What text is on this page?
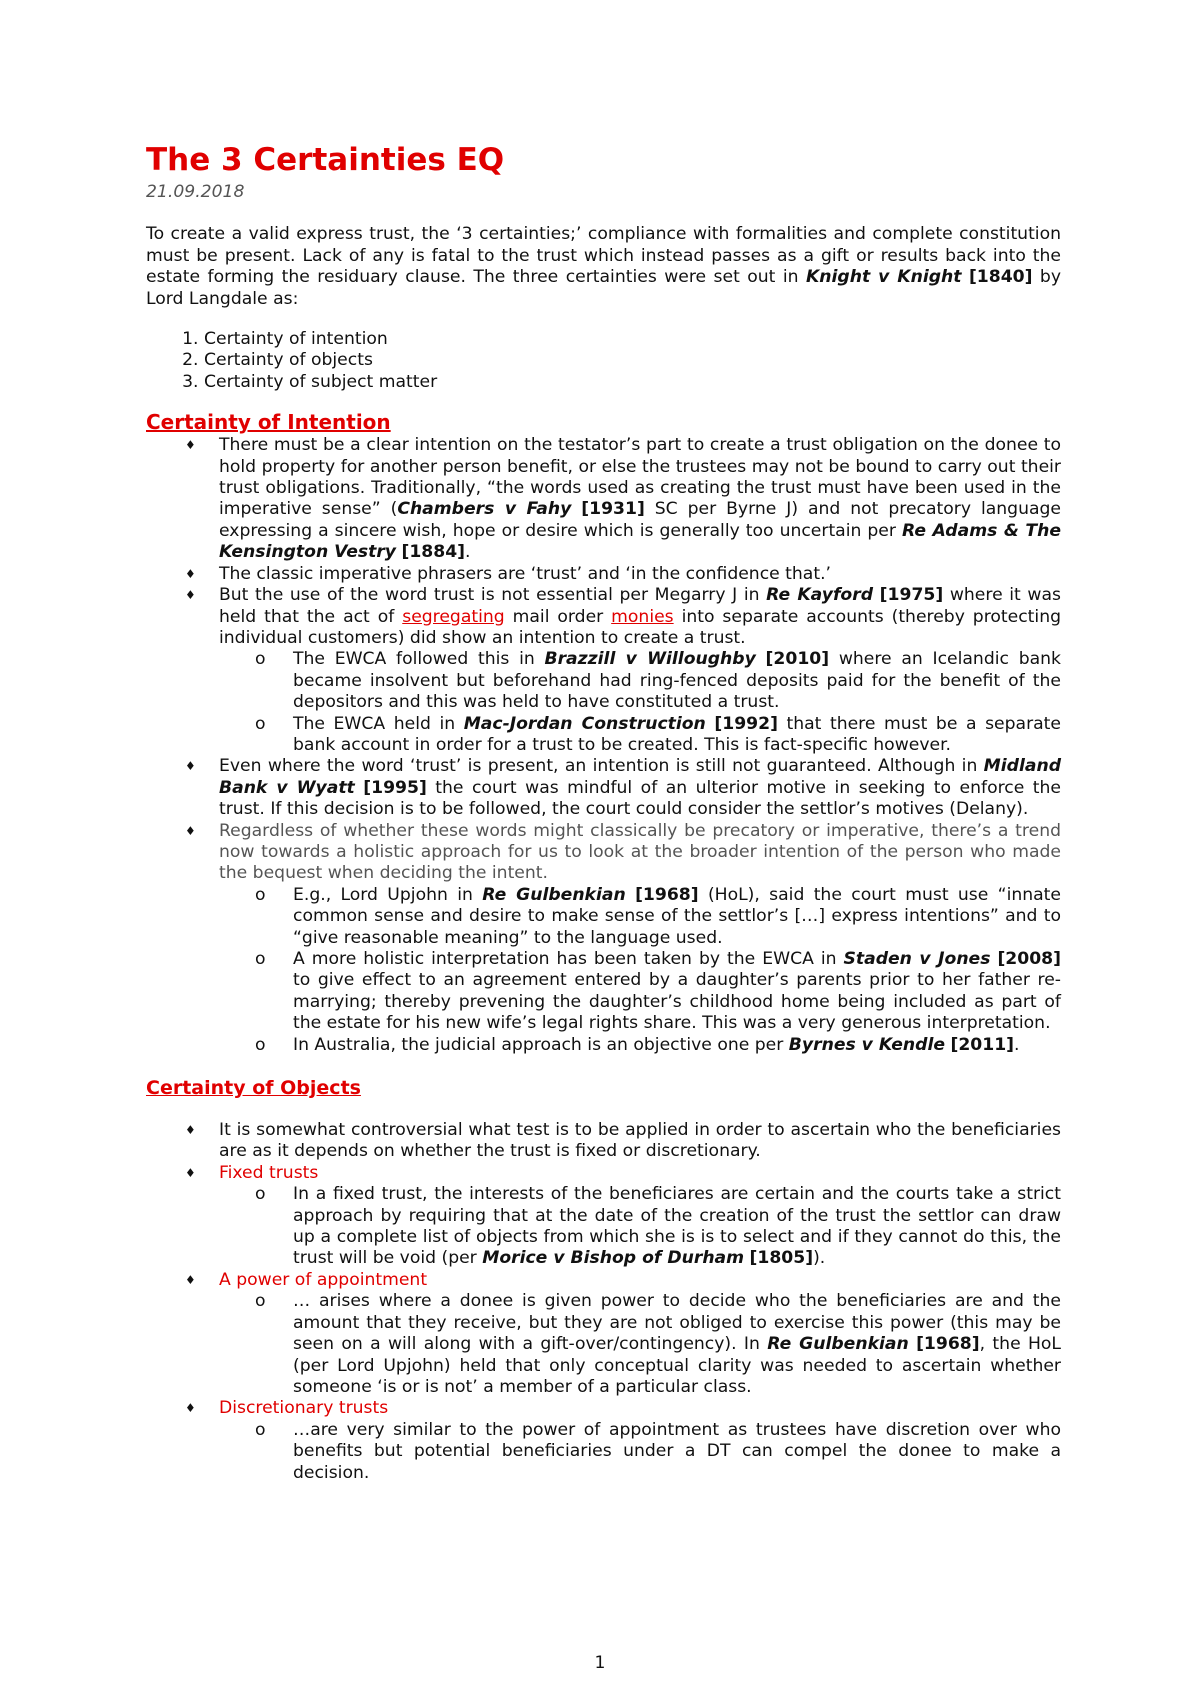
The 3 Certainties EQ
21.09.2018

To create a valid express trust, the ‘3 certainties;’ compliance with formalities and complete constitution must be present. Lack of any is fatal to the trust which instead passes as a gift or results back into the estate forming the residuary clause. The three certainties were set out in Knight v Knight [1840] by Lord Langdale as:

1. Certainty of intention
2. Certainty of objects
3. Certainty of subject matter
Certainty of Intention
♦ There must be a clear intention on the testator’s part to create a trust obligation on the donee to hold property for another person benefit, or else the trustees may not be bound to carry out their trust obligations. Traditionally, “the words used as creating the trust must have been used in the imperative sense” (Chambers v Fahy [1931] SC per Byrne J) and not precatory language expressing a sincere wish, hope or desire which is generally too uncertain per Re Adams & The Kensington Vestry [1884].
♦ The classic imperative phrasers are ‘trust’ and ‘in the confidence that.’
♦ But the use of the word trust is not essential per Megarry J in Re Kayford [1975] where it was held that the act of segregating mail order monies into separate accounts (thereby protecting individual customers) did show an intention to create a trust.
o The EWCA followed this in Brazzill v Willoughby [2010] where an Icelandic bank became insolvent but beforehand had ring-fenced deposits paid for the benefit of the depositors and this was held to have constituted a trust.
o The EWCA held in Mac-Jordan Construction [1992] that there must be a separate bank account in order for a trust to be created. This is fact-specific however.
♦ Even where the word ‘trust’ is present, an intention is still not guaranteed. Although in Midland Bank v Wyatt [1995] the court was mindful of an ulterior motive in seeking to enforce the trust. If this decision is to be followed, the court could consider the settlor’s motives (Delany).
♦ Regardless of whether these words might classically be precatory or imperative, there’s a trend now towards a holistic approach for us to look at the broader intention of the person who made the bequest when deciding the intent.
o E.g., Lord Upjohn in Re Gulbenkian [1968] (HoL), said the court must use “innate common sense and desire to make sense of the settlor’s […] express intentions” and to “give reasonable meaning” to the language used.
o A more holistic interpretation has been taken by the EWCA in Staden v Jones [2008] to give effect to an agreement entered by a daughter’s parents prior to her father re-marrying; thereby prevening the daughter’s childhood home being included as part of the estate for his new wife’s legal rights share. This was a very generous interpretation.
o In Australia, the judicial approach is an objective one per Byrnes v Kendle [2011].
Certainty of Objects
♦ It is somewhat controversial what test is to be applied in order to ascertain who the beneficiaries are as it depends on whether the trust is fixed or discretionary.
♦ Fixed trusts
o In a fixed trust, the interests of the beneficiares are certain and the courts take a strict approach by requiring that at the date of the creation of the trust the settlor can draw up a complete list of objects from which she is is to select and if they cannot do this, the trust will be void (per Morice v Bishop of Durham [1805]).
♦ A power of appointment
o … arises where a donee is given power to decide who the beneficiaries are and the amount that they receive, but they are not obliged to exercise this power (this may be seen on a will along with a gift-over/contingency). In Re Gulbenkian [1968], the HoL (per Lord Upjohn) held that only conceptual clarity was needed to ascertain whether someone ‘is or is not’ a member of a particular class.
♦ Discretionary trusts
o …are very similar to the power of appointment as trustees have discretion over who benefits but potential beneficiaries under a DT can compel the donee to make a decision.
1
